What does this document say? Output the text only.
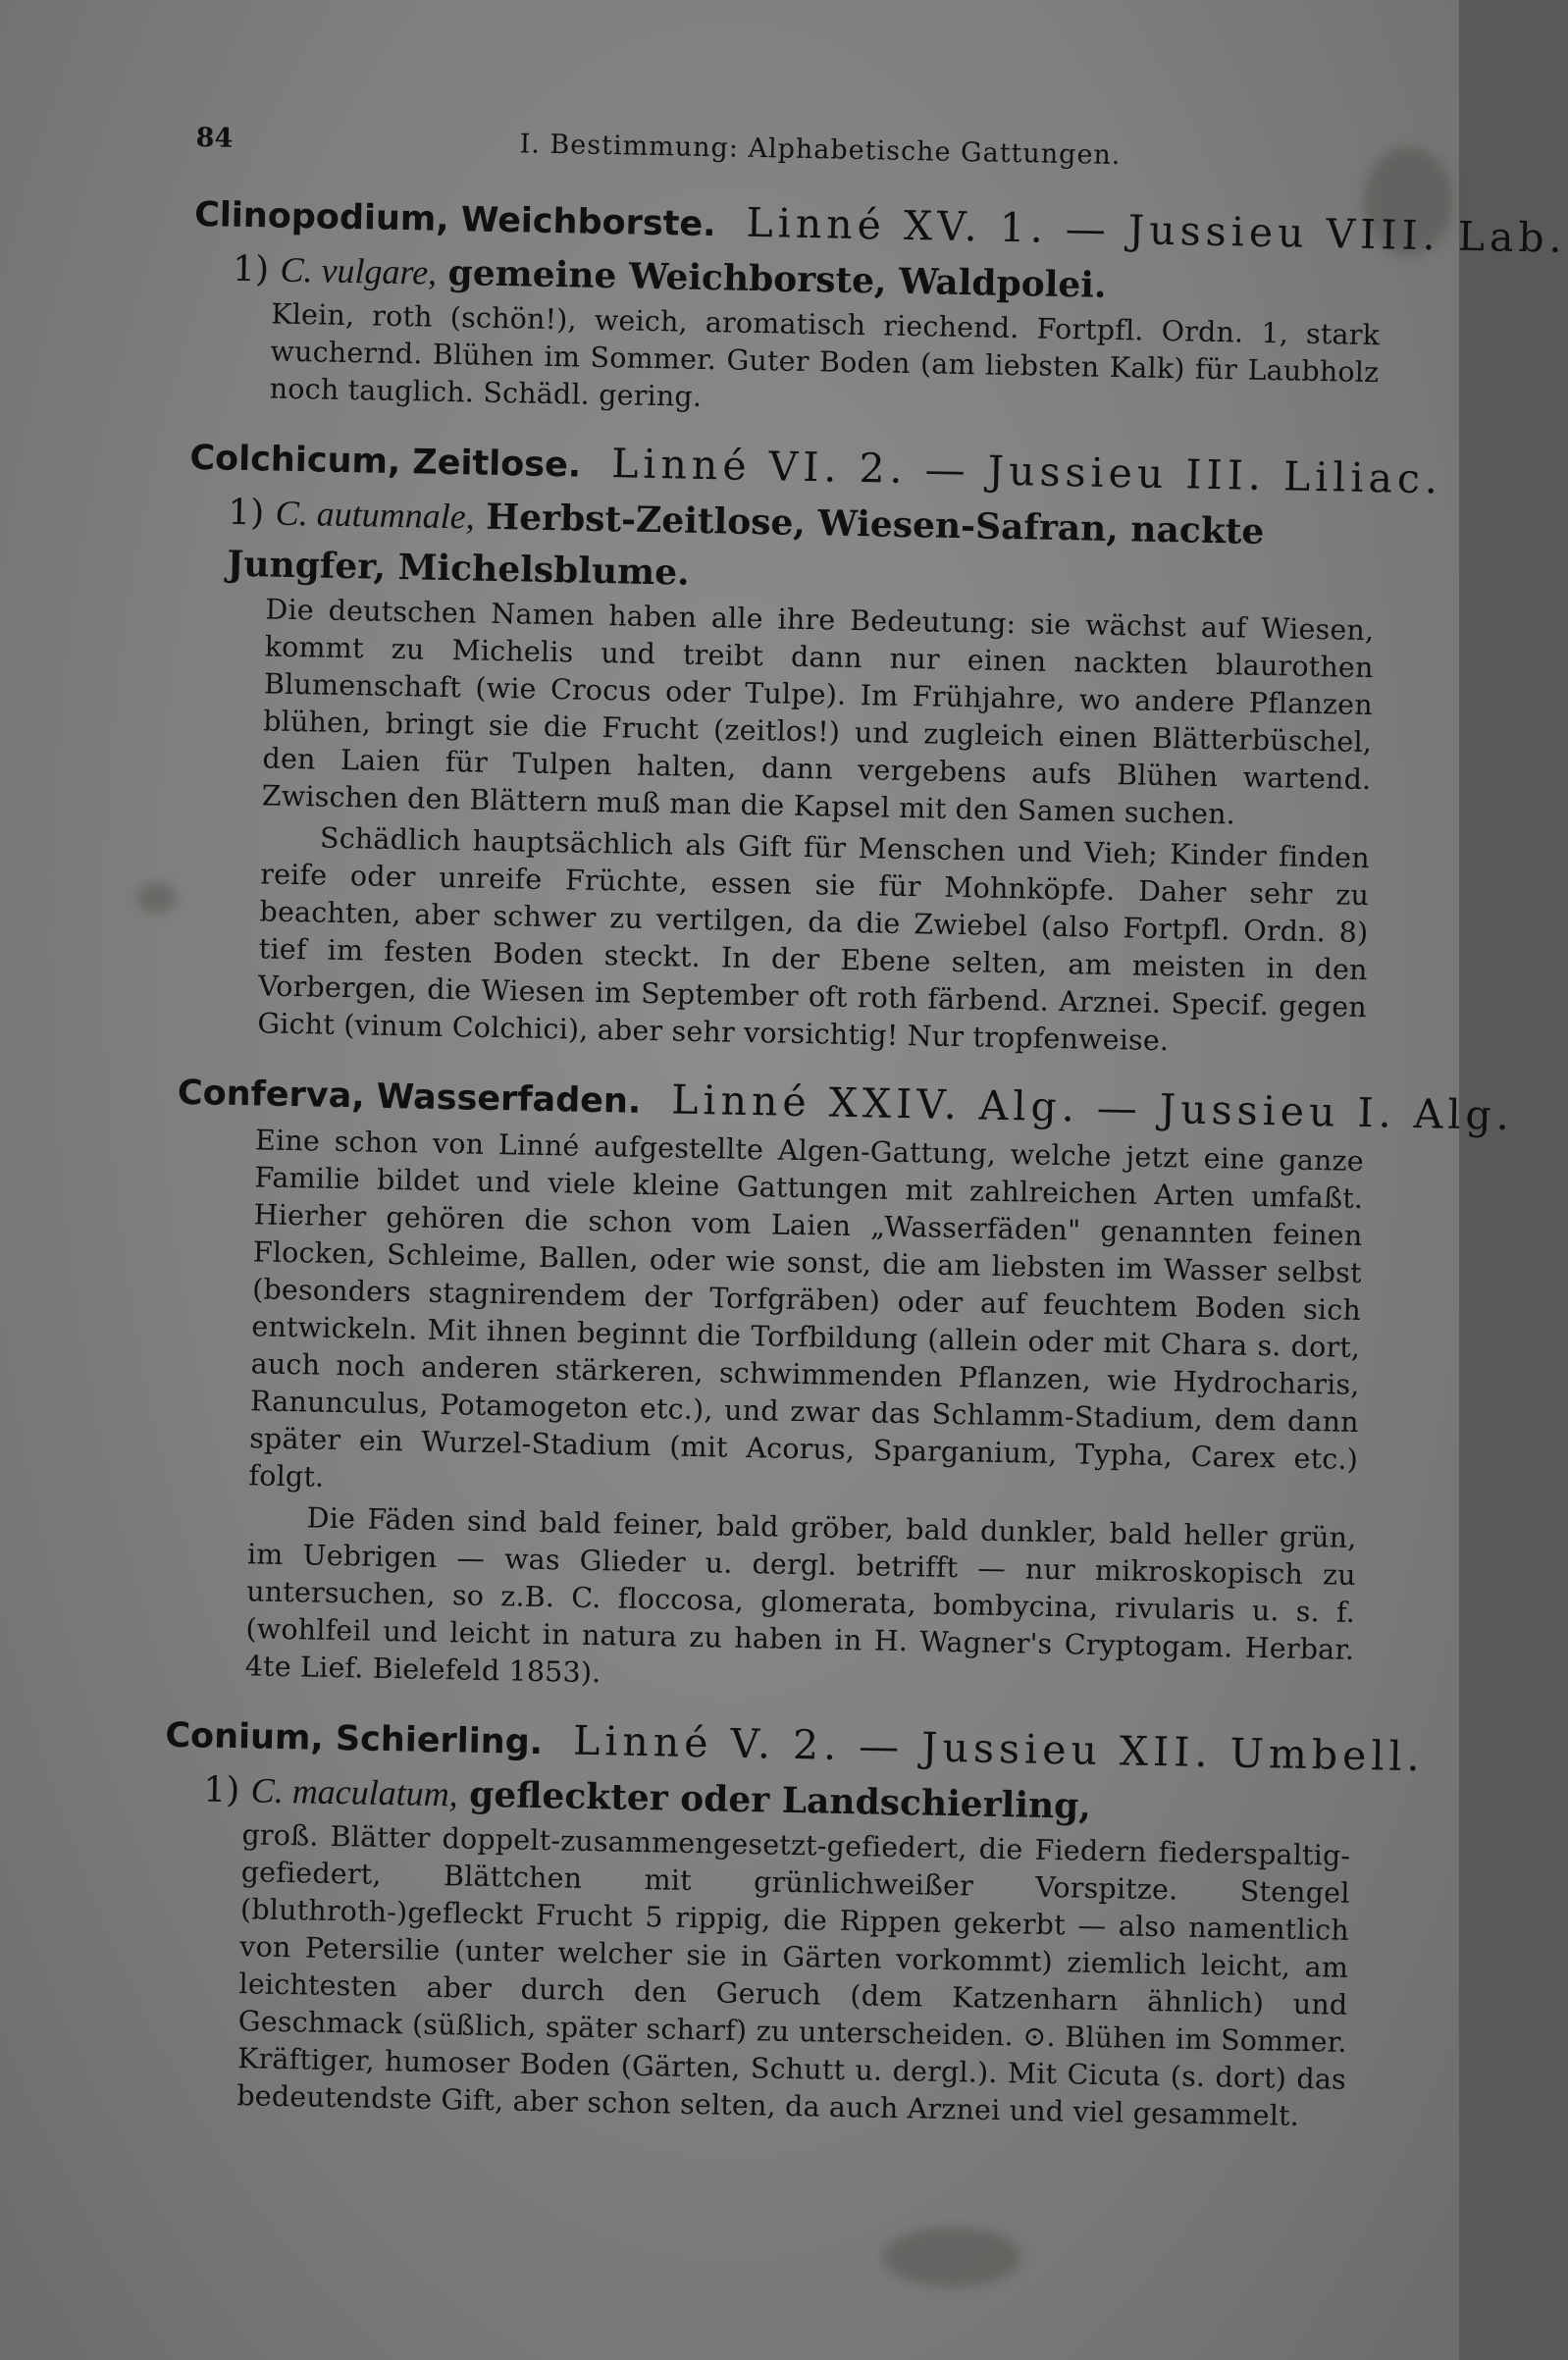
84	I. Bestimmung: Alphabetische Gattungen.
Clinopodium, Weichborste. Linné XV. 1. — Jussieu VIII. Lab.
1) C. vulgare, gemeine Weichborste, Waldpolei.

Klein, roth (schön!), weich, aromatisch riechend. Fortpfl. Ordn. 1, stark wuchernd. Blühen im Sommer. Guter Boden (am liebsten Kalk) für Laubholz noch tauglich. Schädl. gering.

Colchicum, Zeitlose. Linné VI. 2. — Jussieu III. Liliac.
1) C. autumnale, Herbst-Zeitlose, Wiesen-Safran, nackte Jungfer, Michelsblume.

Die deutschen Namen haben alle ihre Bedeutung: sie wächst auf Wiesen, kommt zu Michelis und treibt dann nur einen nackten blaurothen Blumenschaft (wie Crocus oder Tulpe). Im Frühjahre, wo andere Pflanzen blühen, bringt sie die Frucht (zeitlos!) und zugleich einen Blätterbüschel, den Laien für Tulpen halten, dann vergebens aufs Blühen wartend. Zwischen den Blättern muß man die Kapsel mit den Samen suchen.

Schädlich hauptsächlich als Gift für Menschen und Vieh; Kinder finden reife oder unreife Früchte, essen sie für Mohnköpfe. Daher sehr zu beachten, aber schwer zu vertilgen, da die Zwiebel (also Fortpfl. Ordn. 8) tief im festen Boden steckt. In der Ebene selten, am meisten in den Vorbergen, die Wiesen im September oft roth färbend. Arznei. Specif. gegen Gicht (vinum Colchici), aber sehr vorsichtig! Nur tropfenweise.

Conferva, Wasserfaden. Linné XXIV. Alg. — Jussieu I. Alg.

Eine schon von Linné aufgestellte Algen-Gattung, welche jetzt eine ganze Familie bildet und viele kleine Gattungen mit zahlreichen Arten umfaßt. Hierher gehören die schon vom Laien „Wasserfäden" genannten feinen Flocken, Schleime, Ballen, oder wie sonst, die am liebsten im Wasser selbst (besonders stagnirendem der Torfgräben) oder auf feuchtem Boden sich entwickeln. Mit ihnen beginnt die Torfbildung (allein oder mit Chara s. dort, auch noch anderen stärkeren, schwimmenden Pflanzen, wie Hydrocharis, Ranunculus, Potamogeton etc.), und zwar das Schlamm-Stadium, dem dann später ein Wurzel-Stadium (mit Acorus, Sparganium, Typha, Carex etc.) folgt.

Die Fäden sind bald feiner, bald gröber, bald dunkler, bald heller grün, im Uebrigen — was Glieder u. dergl. betrifft — nur mikroskopisch zu untersuchen, so z.B. C. floccosa, glomerata, bombycina, rivularis u. s. f. (wohlfeil und leicht in natura zu haben in H. Wagner's Cryptogam. Herbar. 4te Lief. Bielefeld 1853).

Conium, Schierling. Linné V. 2. — Jussieu XII. Umbell.
1) C. maculatum, gefleckter oder Landschierling,

groß. Blätter doppelt-zusammengesetzt-gefiedert, die Fiedern fiederspaltig-gefiedert, Blättchen mit grünlichweißer Vorspitze. Stengel (bluthroth-)gefleckt Frucht 5 rippig, die Rippen gekerbt — also namentlich von Petersilie (unter welcher sie in Gärten vorkommt) ziemlich leicht, am leichtesten aber durch den Geruch (dem Katzenharn ähnlich) und Geschmack (süßlich, später scharf) zu unterscheiden. ⊙. Blühen im Sommer. Kräftiger, humoser Boden (Gärten, Schutt u. dergl.). Mit Cicuta (s. dort) das bedeutendste Gift, aber schon selten, da auch Arznei und viel gesammelt.
